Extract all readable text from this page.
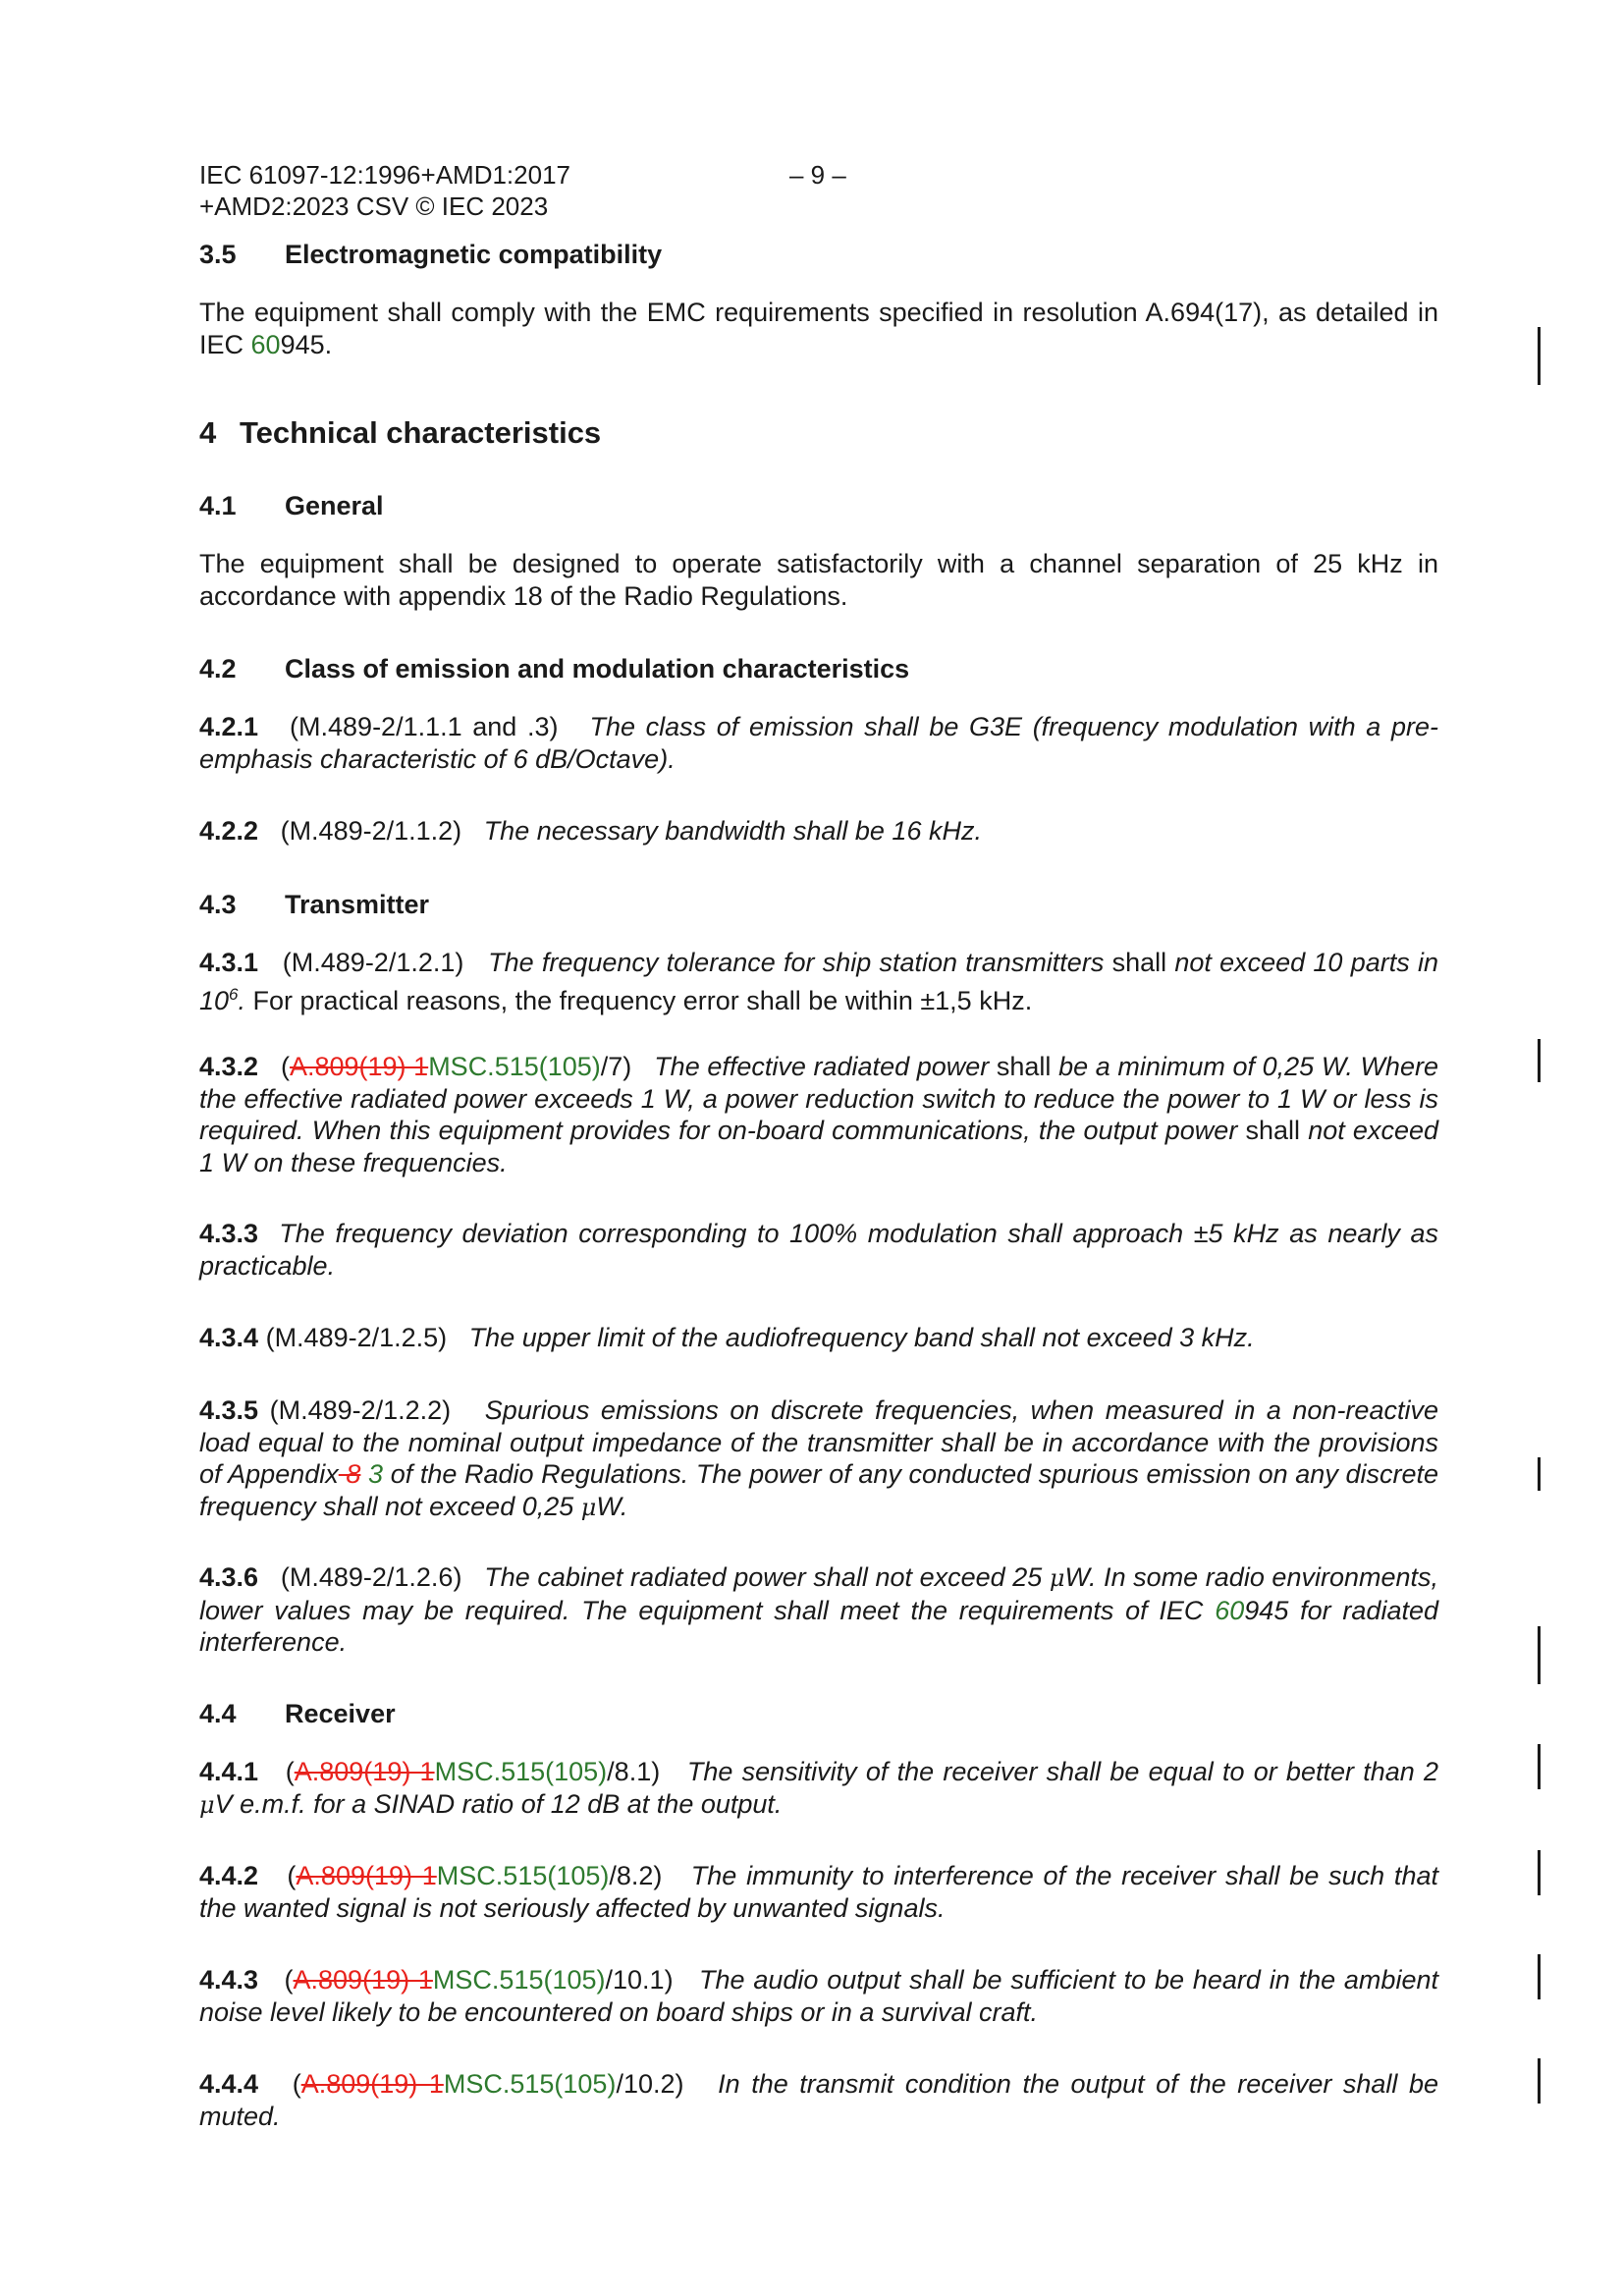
IEC 61097-12:1996+AMD1:2017
+AMD2:2023 CSV © IEC 2023
– 9 –
3.5 Electromagnetic compatibility
The equipment shall comply with the EMC requirements specified in resolution A.694(17), as detailed in IEC 60945.
4 Technical characteristics
4.1 General
The equipment shall be designed to operate satisfactorily with a channel separation of 25 kHz in accordance with appendix 18 of the Radio Regulations.
4.2 Class of emission and modulation characteristics
4.2.1 (M.489-2/1.1.1 and .3) The class of emission shall be G3E (frequency modulation with a pre-emphasis characteristic of 6 dB/Octave).
4.2.2 (M.489-2/1.1.2) The necessary bandwidth shall be 16 kHz.
4.3 Transmitter
4.3.1 (M.489-2/1.2.1) The frequency tolerance for ship station transmitters shall not exceed 10 parts in $10^6$. For practical reasons, the frequency error shall be within ±1,5 kHz.
4.3.2 (A.809(19) 1MSC.515(105)/7) The effective radiated power shall be a minimum of 0,25 W. Where the effective radiated power exceeds 1 W, a power reduction switch to reduce the power to 1 W or less is required. When this equipment provides for on-board communications, the output power shall not exceed 1 W on these frequencies.
4.3.3 The frequency deviation corresponding to 100% modulation shall approach ±5 kHz as nearly as practicable.
4.3.4 (M.489-2/1.2.5) The upper limit of the audiofrequency band shall not exceed 3 kHz.
4.3.5 (M.489-2/1.2.2) Spurious emissions on discrete frequencies, when measured in a non-reactive load equal to the nominal output impedance of the transmitter shall be in accordance with the provisions of Appendix 8 3 of the Radio Regulations. The power of any conducted spurious emission on any discrete frequency shall not exceed 0,25 μW.
4.3.6 (M.489-2/1.2.6) The cabinet radiated power shall not exceed 25 μW. In some radio environments, lower values may be required. The equipment shall meet the requirements of IEC 60945 for radiated interference.
4.4 Receiver
4.4.1 (A.809(19) 1MSC.515(105)/8.1) The sensitivity of the receiver shall be equal to or better than 2 μV e.m.f. for a SINAD ratio of 12 dB at the output.
4.4.2 (A.809(19) 1MSC.515(105)/8.2) The immunity to interference of the receiver shall be such that the wanted signal is not seriously affected by unwanted signals.
4.4.3 (A.809(19) 1MSC.515(105)/10.1) The audio output shall be sufficient to be heard in the ambient noise level likely to be encountered on board ships or in a survival craft.
4.4.4 (A.809(19) 1MSC.515(105)/10.2) In the transmit condition the output of the receiver shall be muted.
